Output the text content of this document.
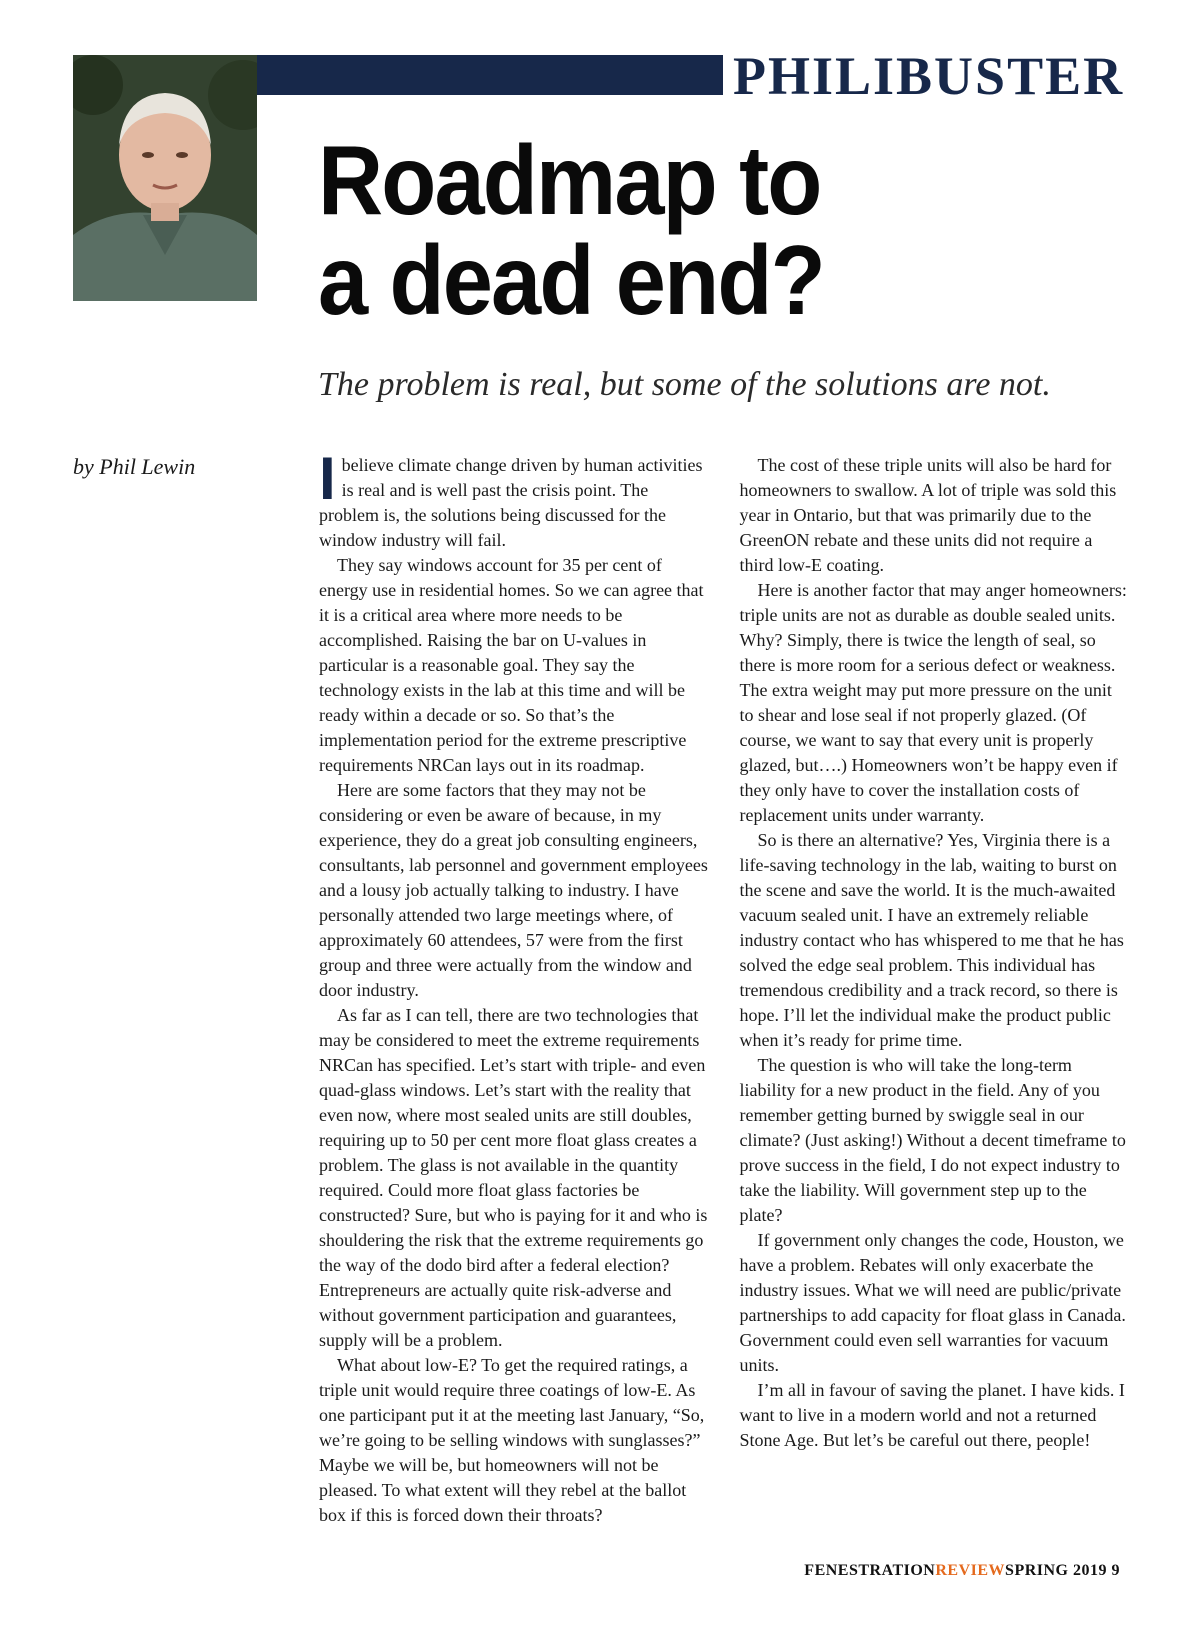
PHILIBUSTER
Roadmap to
a dead end?
The problem is real, but some of the solutions are not.
by Phil Lewin	Ibelieve climate change driven by human activities is real and is well past the crisis point. The problem is, the solutions being discussed for the window industry will fail.

They say windows account for 35 per cent of energy use in residential homes. So we can agree that it is a critical area where more needs to be accomplished. Raising the bar on U-values in particular is a reasonable goal. They say the technology exists in the lab at this time and will be ready within a decade or so. So that’s the implementation period for the extreme prescriptive requirements NRCan lays out in its roadmap.

Here are some factors that they may not be considering or even be aware of because, in my experience, they do a great job consulting engineers, consultants, lab personnel and government employees and a lousy job actually talking to industry. I have personally attended two large meetings where, of approximately 60 attendees, 57 were from the first group and three were actually from the window and door industry.

As far as I can tell, there are two technologies that may be considered to meet the extreme requirements NRCan has specified. Let’s start with triple- and even quad-glass windows. Let’s start with the reality that even now, where most sealed units are still doubles, requiring up to 50 per cent more float glass creates a problem. The glass is not available in the quantity required. Could more float glass factories be constructed? Sure, but who is paying for it and who is shouldering the risk that the extreme requirements go the way of the dodo bird after a federal election? Entrepreneurs are actually quite risk-adverse and without government participation and guarantees, supply will be a problem.

What about low-E? To get the required ratings, a triple unit would require three coatings of low-E. As one participant put it at the meeting last January, “So, we’re going to be selling windows with sunglasses?” Maybe we will be, but homeowners will not be pleased. To what extent will they rebel at the ballot box if this is forced down their throats?

The cost of these triple units will also be hard for homeowners to swallow. A lot of triple was sold this year in Ontario, but that was primarily due to the GreenON rebate and these units did not require a third low-E coating.

Here is another factor that may anger homeowners: triple units are not as durable as double sealed units. Why? Simply, there is twice the length of seal, so there is more room for a serious defect or weakness. The extra weight may put more pressure on the unit to shear and lose seal if not properly glazed. (Of course, we want to say that every unit is properly glazed, but….) Homeowners won’t be happy even if they only have to cover the installation costs of replacement units under warranty.

So is there an alternative? Yes, Virginia there is a life-saving technology in the lab, waiting to burst on the scene and save the world. It is the much-awaited vacuum sealed unit. I have an extremely reliable industry contact who has whispered to me that he has solved the edge seal problem. This individual has tremendous credibility and a track record, so there is hope. I’ll let the individual make the product public when it’s ready for prime time.

The question is who will take the long-term liability for a new product in the field. Any of you remember getting burned by swiggle seal in our climate? (Just asking!) Without a decent timeframe to prove success in the field, I do not expect industry to take the liability. Will government step up to the plate?

If government only changes the code, Houston, we have a problem. Rebates will only exacerbate the industry issues. What we will need are public/private partnerships to add capacity for float glass in Canada. Government could even sell warranties for vacuum units.

I’m all in favour of saving the planet. I have kids. I want to live in a modern world and not a returned Stone Age. But let’s be careful out there, people!

FENESTRATIONREVIEWSPRING 2019 9
